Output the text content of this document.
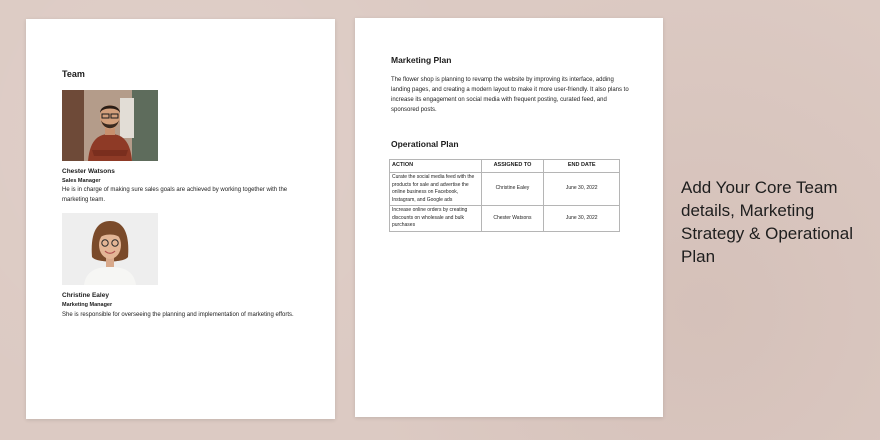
Team
Chester Watsons
Sales Manager
He is in charge of making sure sales goals are achieved by working together with the marketing team.
Christine Ealey
Marketing Manager
She is responsible for overseeing the planning and implementation of marketing efforts.
Marketing Plan
The flower shop is planning to revamp the website by improving its interface, adding landing pages, and creating a modern layout to make it more user-friendly. It also plans to increase its engagement on social media with frequent posting, curated feed, and sponsored posts.
Operational Plan
ACTION	ASSIGNED TO	END DATE
Curate the social media feed with the products for sale and advertise the online business on Facebook, Instagram, and Google ads	Christine Ealey	June 30, 2022
Increase online orders by creating discounts on wholesale and bulk purchases	Chester Watsons	June 30, 2022
Add Your Core Team details, Marketing Strategy & Operational Plan
